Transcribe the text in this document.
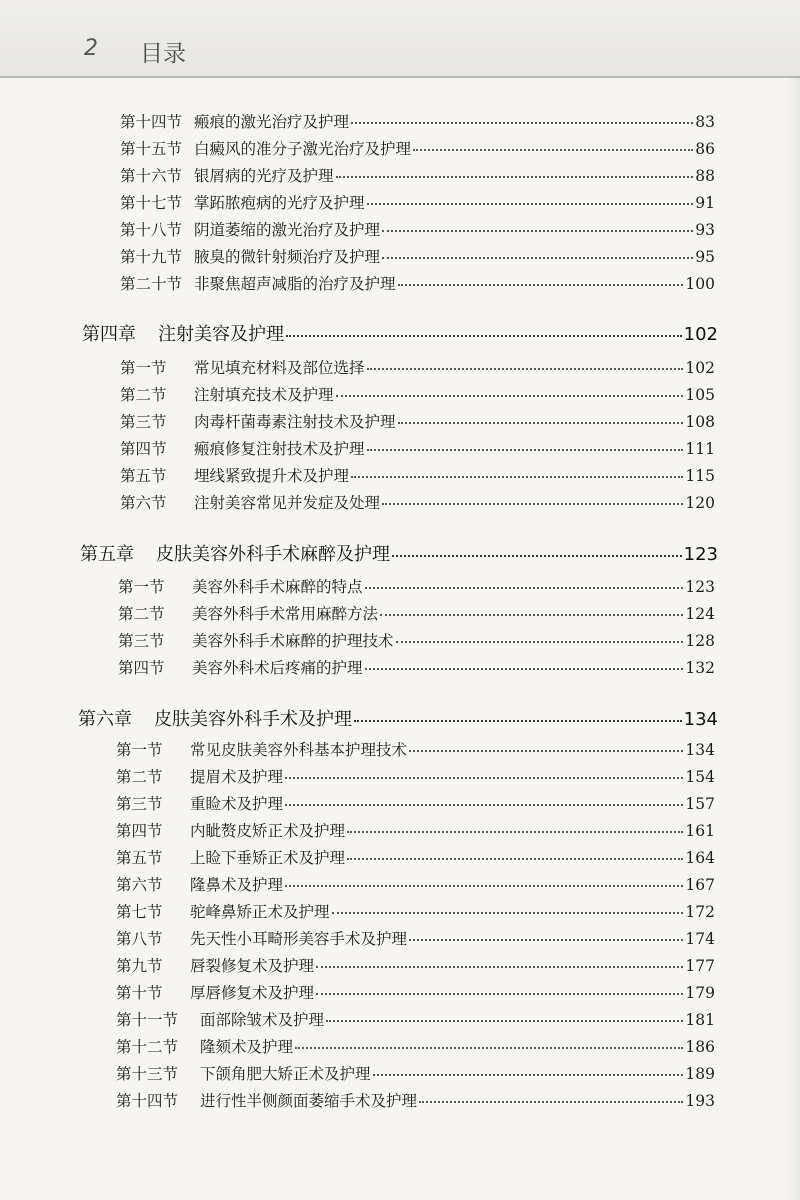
2 目录
第十四节 瘢痕的激光治疗及护理	83
第十五节 白癜风的准分子激光治疗及护理	86
第十六节 银屑病的光疗及护理	88
第十七节 掌跖脓疱病的光疗及护理	91
第十八节 阴道萎缩的激光治疗及护理	93
第十九节 腋臭的微针射频治疗及护理	95
第二十节 非聚焦超声减脂的治疗及护理	100
第四章	注射美容及护理	102
第一节	常见填充材料及部位选择	102
第二节	注射填充技术及护理	105
第三节	肉毒杆菌毒素注射技术及护理	108
第四节	瘢痕修复注射技术及护理	111
第五节	埋线紧致提升术及护理	115
第六节	注射美容常见并发症及处理	120
第五章	皮肤美容外科手术麻醉及护理	123
第一节	美容外科手术麻醉的特点	123
第二节	美容外科手术常用麻醉方法	124
第三节	美容外科手术麻醉的护理技术	128
第四节	美容外科术后疼痛的护理	132
第六章	皮肤美容外科手术及护理	134
第一节	常见皮肤美容外科基本护理技术	134
第二节	提眉术及护理	154
第三节	重睑术及护理	157
第四节	内眦赘皮矫正术及护理	161
第五节	上睑下垂矫正术及护理	164
第六节	隆鼻术及护理	167
第七节	驼峰鼻矫正术及护理	172
第八节	先天性小耳畸形美容手术及护理	174
第九节	唇裂修复术及护理	177
第十节	厚唇修复术及护理	179
第十一节	面部除皱术及护理	181
第十二节	隆颏术及护理	186
第十三节	下颌角肥大矫正术及护理	189
第十四节	进行性半侧颜面萎缩手术及护理	193
